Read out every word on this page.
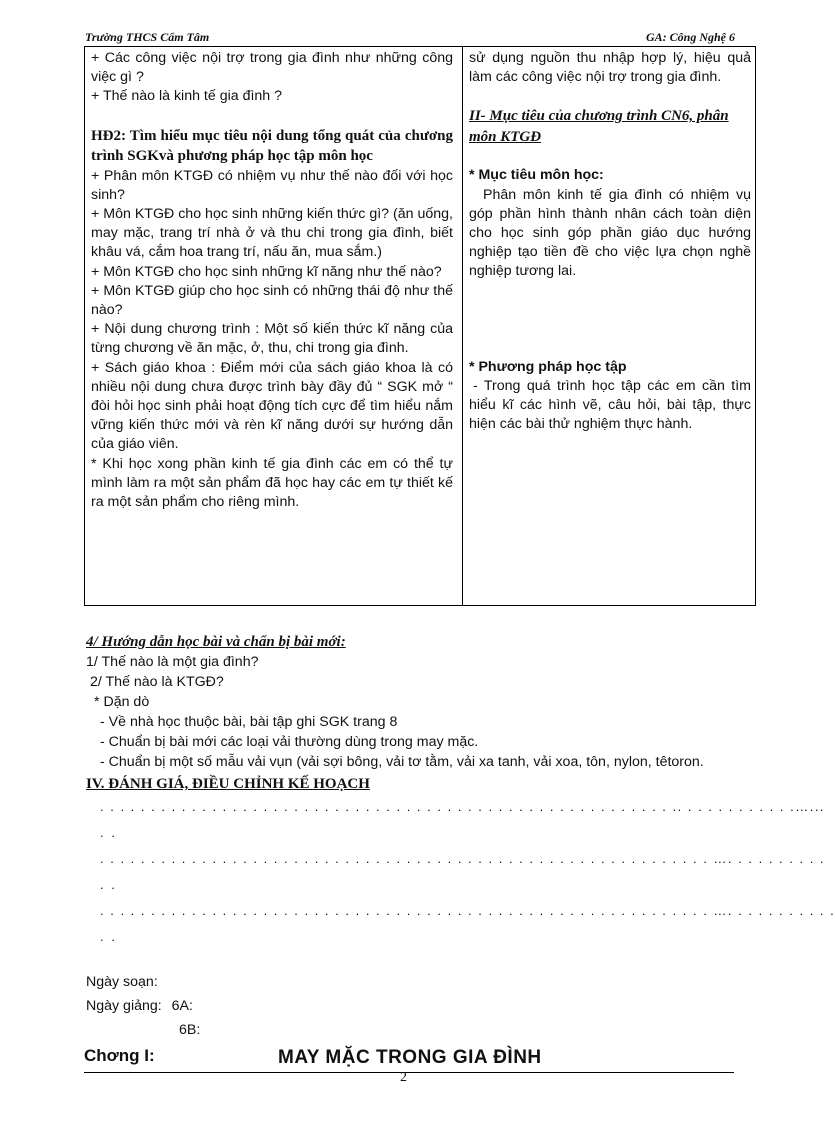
Trường THCS Cẩm Tâm	GA: Công Nghệ 6

+ Các công việc nội trợ trong gia đình như những công việc gì ?

+ Thế nào là kinh tế gia đình ?

HĐ2: Tìm hiểu mục tiêu nội dung tổng quát của chương trình SGKvà phương pháp học tập môn học

+ Phân môn KTGĐ có nhiệm vụ như thế nào đối với học sinh?

+ Môn KTGĐ cho học sinh những kiến thức gì? (ăn uống, may mặc, trang trí nhà ở và thu chi trong gia đình, biết khâu vá, cắm hoa trang trí, nấu ăn, mua sắm.)

+ Môn KTGĐ cho học sinh những kĩ năng như thế nào?

+ Môn KTGĐ giúp cho học sinh có những thái độ như thế nào?

+ Nội dung chương trình : Một số kiến thức kĩ năng của từng chương về ăn mặc, ở, thu, chi trong gia đình.

+ Sách giáo khoa : Điểm mới của sách giáo khoa là có nhiều nội dung chưa được trình bày đầy đủ “ SGK mở “ đòi hỏi học sinh phải hoạt động tích cực để tìm hiểu nắm vững kiến thức mới và rèn kĩ năng dưới sự hướng dẫn của giáo viên.

* Khi học xong phần kinh tế gia đình các em có thể tự mình làm ra một sản phẩm đã học hay các em tự thiết kế ra một sản phẩm cho riêng mình.

sử dụng nguồn thu nhập hợp lý, hiệu quả làm các công việc nội trợ trong gia đình.

II- Mục tiêu của chương trình CN6, phân môn KTGĐ

* Mục tiêu môn học:

Phân môn kinh tế gia đình có nhiệm vụ góp phần hình thành nhân cách toàn diện cho học sinh góp phần giáo dục hướng nghiệp tạo tiền đề cho việc lựa chọn nghề nghiệp tương lai.

* Phương pháp học tập

- Trong quá trình học tập các em cần tìm hiểu kĩ các hình vẽ, câu hỏi, bài tập, thực hiện các bài thử nghiệm thực hành.

4/ Hướng dẫn học bài và chẩn bị bài mới:

1/ Thế nào là một gia đình?

2/ Thế nào là KTGĐ?

* Dặn dò

- Về nhà học thuộc bài, bài tập ghi SGK trang 8

- Chuẩn bị bài mới các loại vải thường dùng trong may mặc.

- Chuẩn bị một số mẫu vải vụn (vải sợi bông, vải tơ tằm, vải xa tanh, vải xoa, tôn, nylon, têtoron.

IV. ĐÁNH GIÁ, ĐIỀU CHỈNH KẾ HOẠCH

. . . . . . . . . . . . . . . . . . . . . . . . . . . . . . . . . . . . . . . . . . . . . . . . . . . . . . . . .. . . . . . . . . . . .…...

. .

. . . . . . . . . . . . . . . . . . . . . . . . . . . . . . . . . . . . . . . . . . . . . . . . . . . . . . . . . . . . …. . . . . . . . . .

. .

. . . . . . . . . . . . . . . . . . . . . . . . . . . . . . . . . . . . . . . . . . . . . . . . . . . . . . . . . . . . …. . . . . . . . . . .

. .

Ngày soạn:
Ngày giảng: 6A:
6B:
Chơng I:	MAY MẶC TRONG GIA ĐÌNH
2
